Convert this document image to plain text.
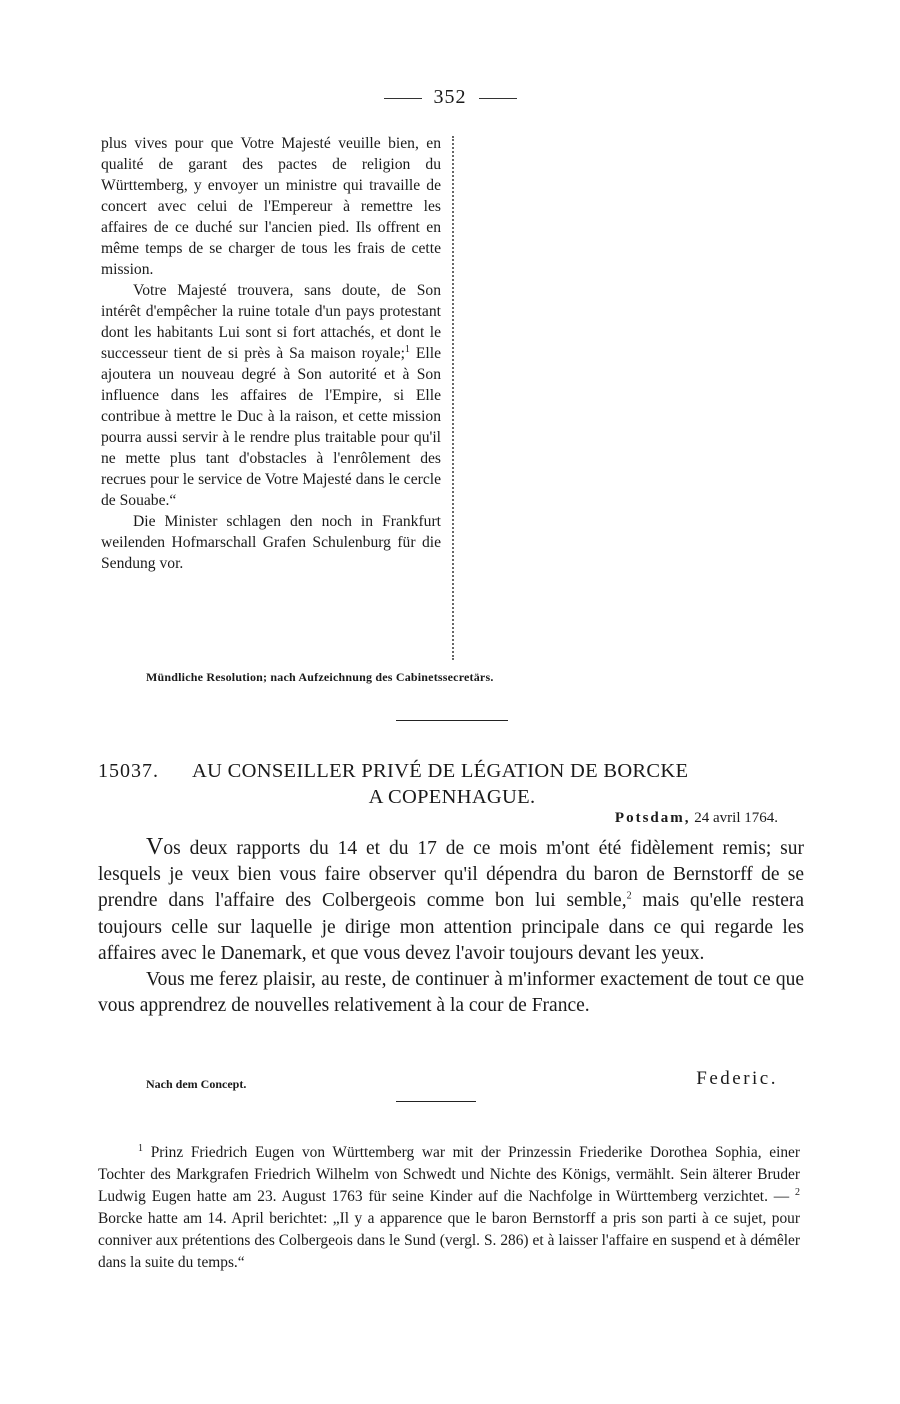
352

plus vives pour que Votre Majesté veuille bien, en qualité de garant des pactes de religion du Württemberg, y envoyer un ministre qui travaille de concert avec celui de l'Empereur à remettre les affaires de ce duché sur l'ancien pied. Ils offrent en même temps de se charger de tous les frais de cette mission.

Votre Majesté trouvera, sans doute, de Son intérêt d'empêcher la ruine totale d'un pays protestant dont les habitants Lui sont si fort attachés, et dont le successeur tient de si près à Sa maison royale;$^1$ Elle ajoutera un nouveau degré à Son autorité et à Son influence dans les affaires de l'Empire, si Elle contribue à mettre le Duc à la raison, et cette mission pourra aussi servir à le rendre plus traitable pour qu'il ne mette plus tant d'obstacles à l'enrôlement des recrues pour le service de Votre Majesté dans le cercle de Souabe.“

Die Minister schlagen den noch in Frankfurt weilenden Hofmarschall Grafen Schulenburg für die Sendung vor.

Mündliche Resolution; nach Aufzeichnung des Cabinetssecretärs.
15037. AU CONSEILLER PRIVÉ DE LÉGATION DE BORCKE
A COPENHAGUE.
Potsdam, 24 avril 1764.

Vos deux rapports du 14 et du 17 de ce mois m'ont été fidèlement remis; sur lesquels je veux bien vous faire observer qu'il dépendra du baron de Bernstorff de se prendre dans l'affaire des Colbergeois comme bon lui semble,$^2$ mais qu'elle restera toujours celle sur laquelle je dirige mon attention principale dans ce qui regarde les affaires avec le Danemark, et que vous devez l'avoir toujours devant les yeux.

Vous me ferez plaisir, au reste, de continuer à m'informer exactement de tout ce que vous apprendrez de nouvelles relativement à la cour de France.

Nach dem Concept.	Federic.

$^1$ Prinz Friedrich Eugen von Württemberg war mit der Prinzessin Friederike Dorothea Sophia, einer Tochter des Markgrafen Friedrich Wilhelm von Schwedt und Nichte des Königs, vermählt. Sein älterer Bruder Ludwig Eugen hatte am 23. August 1763 für seine Kinder auf die Nachfolge in Württemberg verzichtet. — $^2$ Borcke hatte am 14. April berichtet: „Il y a apparence que le baron Bernstorff a pris son parti à ce sujet, pour conniver aux prétentions des Colbergeois dans le Sund (vergl. S. 286) et à laisser l'affaire en suspend et à démêler dans la suite du temps.“
